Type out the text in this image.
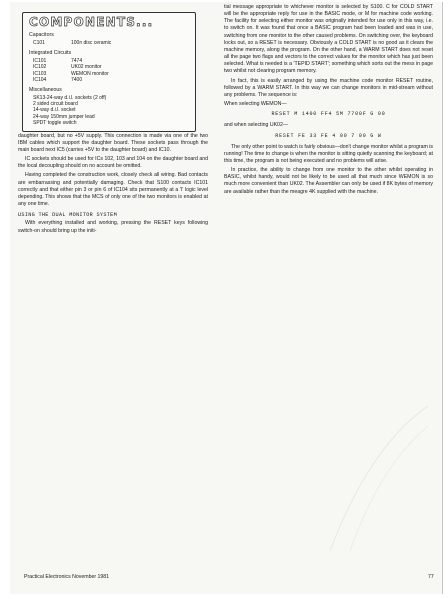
COMPONENTS...
Capacitors
C101	100n disc ceramic
Integrated Circuits
IC101	7474
IC102	UK02 monitor
IC103	WEMON monitor
IC104	7400
Miscellaneous
SK13-24-way d.i.l. sockets (2 off)
2 sided circuit board
14-way d.i.l. socket
24-way 150mm jumper lead
SPDT toggle switch

daughter board, but no +5V supply. This connection is made via one of the two IBM cables which support the daughter board. These sockets pass through the main board next IC5 (carries +5V to the daughter board) and IC10.

IC sockets should be used for ICs 102, 103 and 104 on the daughter board and the local decoupling should on no account be omitted.

Having completed the construction work, closely check all wiring. Bad contacts are embarrassing and potentially damaging. Check that S100 contacts IC101 correctly and that either pin 3 or pin 6 of IC104 sits permanently at a 'l' logic level depending. This shows that the MCS of only one of the two monitors is enabled at any one time.

USING THE DUAL MONITOR SYSTEM

With everything installed and working, pressing the RESET keys following switch-on should bring up the initi-

tial message appropriate to whichever monitor is selected by S100. C for COLD START will be the appropriate reply for use in the BASIC mode, or M for machine code working. The facility for selecting either monitor was originally intended for use only in this way, i.e. to switch on. It was found that once a BASIC program had been loaded and was in use, switching from one monitor to the other caused problems. On switching over, the keyboard locks out, so a RESET is necessary. Obviously a COLD START is no good as it clears the machine memory, along the program. On the other hand, a WARM START does not reset all the page two flags and vectors to the correct values for the monitor which has just been selected. What is needed is a 'TEPID START'; something which sorts out the mess in page two whilst not clearing program memory.

In fact, this is easily arranged by using the machine code monitor RESET routine, followed by a WARM START. In this way we can change monitors in mid-stream without any problems. The sequence is:

When selecting WEMON—

RESET M 1400 FF4 5M 7700F G 00

and when selecting UK02—

RESET FE 33 FE 4 00 7 00 G W

The only other point to watch is fairly obvious—don't change monitor whilst a program is running! The time to change is when the monitor is sitting quietly scanning the keyboard; at this time, the program is not being executed and no problems will arise.

In practice, the ability to change from one monitor to the other whilst operating in BASIC, whilst handy, would not be likely to be used all that much since WEMON is so much more convenient than UK02. The Assembler can only be used if 8K bytes of memory are available rather than the meagre 4K supplied with the machine.

Practical Electronics November 1981	77
